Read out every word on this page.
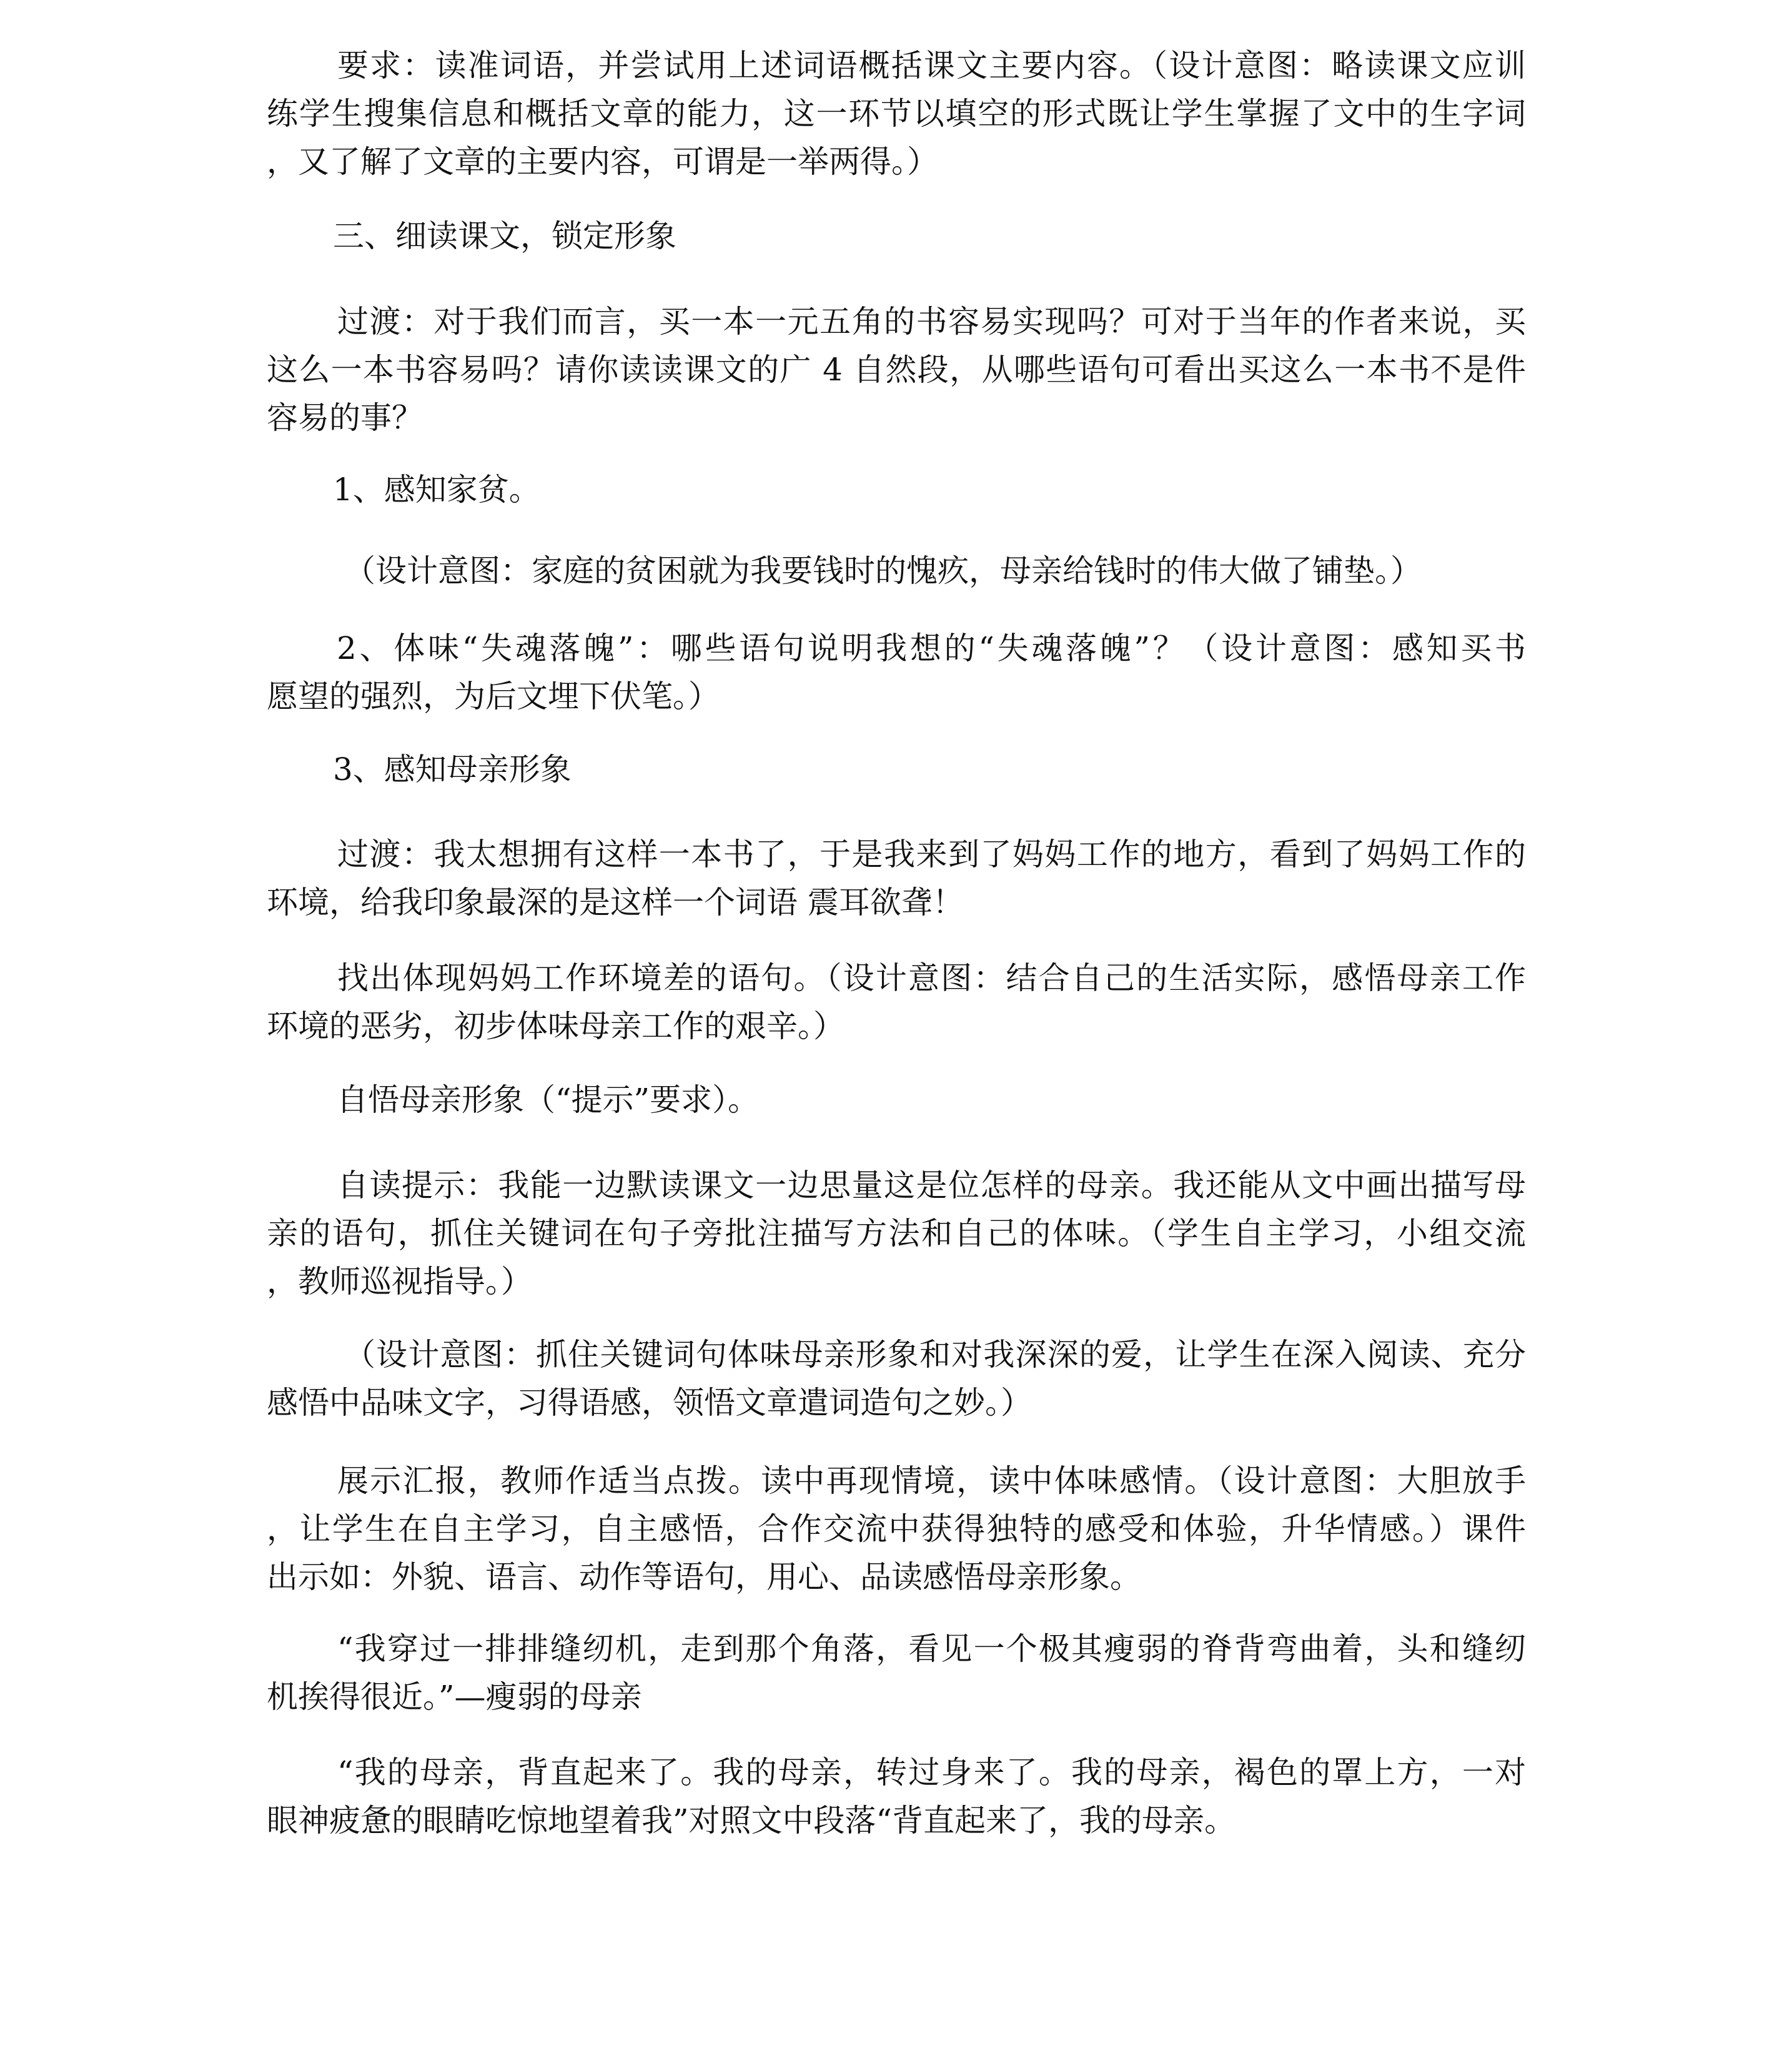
要求：读准词语，并尝试用上述词语概括课文主要内容。（设计意图：略读课文应训
练学生搜集信息和概括文章的能力，这一环节以填空的形式既让学生掌握了文中的生字词
，又了解了文章的主要内容，可谓是一举两得。）
三、细读课文，锁定形象
过渡：对于我们而言，买一本一元五角的书容易实现吗？可对于当年的作者来说，买
这么一本书容易吗？请你读读课文的广 4 自然段，从哪些语句可看出买这么一本书不是件
容易的事？
1、感知家贫。
（设计意图：家庭的贫困就为我要钱时的愧疚，母亲给钱时的伟大做了铺垫。）
2、体味“失魂落魄”：哪些语句说明我想的“失魂落魄”？（设计意图：感知买书
愿望的强烈，为后文埋下伏笔。）
3、感知母亲形象
过渡：我太想拥有这样一本书了，于是我来到了妈妈工作的地方，看到了妈妈工作的
环境，给我印象最深的是这样一个词语 震耳欲聋！
找出体现妈妈工作环境差的语句。（设计意图：结合自己的生活实际，感悟母亲工作
环境的恶劣，初步体味母亲工作的艰辛。）
自悟母亲形象（“提示”要求）。
自读提示：我能一边默读课文一边思量这是位怎样的母亲。我还能从文中画出描写母
亲的语句，抓住关键词在句子旁批注描写方法和自己的体味。（学生自主学习，小组交流
，教师巡视指导。）
（设计意图：抓住关键词句体味母亲形象和对我深深的爱，让学生在深入阅读、充分
感悟中品味文字，习得语感，领悟文章遣词造句之妙。）
展示汇报，教师作适当点拨。读中再现情境，读中体味感情。（设计意图：大胆放手
，让学生在自主学习，自主感悟，合作交流中获得独特的感受和体验，升华情感。）课件
出示如：外貌、语言、动作等语句，用心、品读感悟母亲形象。
“我穿过一排排缝纫机，走到那个角落，看见一个极其瘦弱的脊背弯曲着，头和缝纫
机挨得很近。”—瘦弱的母亲
“我的母亲，背直起来了。我的母亲，转过身来了。我的母亲，褐色的罩上方，一对
眼神疲惫的眼睛吃惊地望着我”对照文中段落“背直起来了，我的母亲。
